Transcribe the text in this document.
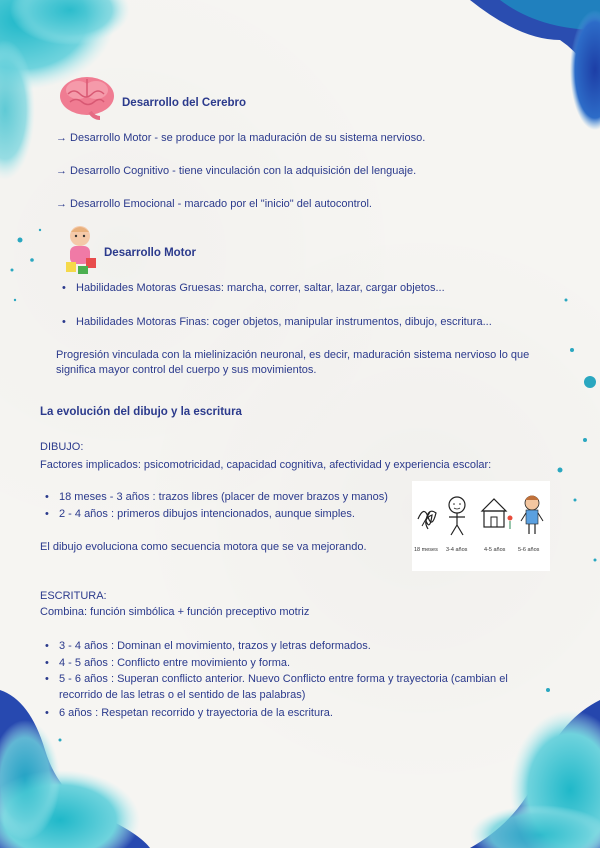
Desarrollo del Cerebro
→ Desarrollo Motor - se produce por la maduración de su sistema nervioso.
→ Desarrollo Cognitivo - tiene vinculación con la adquisición del lenguaje.
→ Desarrollo Emocional - marcado por el "inicio" del autocontrol.
Desarrollo Motor
• Habilidades Motoras Gruesas: marcha, correr, saltar, lazar, cargar objetos...
• Habilidades Motoras Finas: coger objetos, manipular instrumentos, dibujo, escritura...
Progresión vinculada con la mielinización neuronal, es decir, maduración sistema nervioso lo que
significa mayor control del cuerpo y sus movimientos.
La evolución del dibujo y la escritura
DIBUJO:
Factores implicados: psicomotricidad, capacidad cognitiva, afectividad y experiencia escolar:
• 18 meses - 3 años : trazos libres (placer de mover brazos y manos)
• 2 - 4 años : primeros dibujos intencionados, aunque simples.
El dibujo evoluciona como secuencia motora que se va mejorando.	18 meses 3-4 años	4-5 años 5-6 años
ESCRITURA:
Combina: función simbólica + función preceptivo motriz
• 3 - 4 años : Dominan el movimiento, trazos y letras deformados.
• 4 - 5 años : Conflicto entre movimiento y forma.
• 5 - 6 años : Superan conflicto anterior. Nuevo Conflicto entre forma y trayectoria (cambian el
recorrido de las letras o el sentido de las palabras)
• 6 años : Respetan recorrido y trayectoria de la escritura.
